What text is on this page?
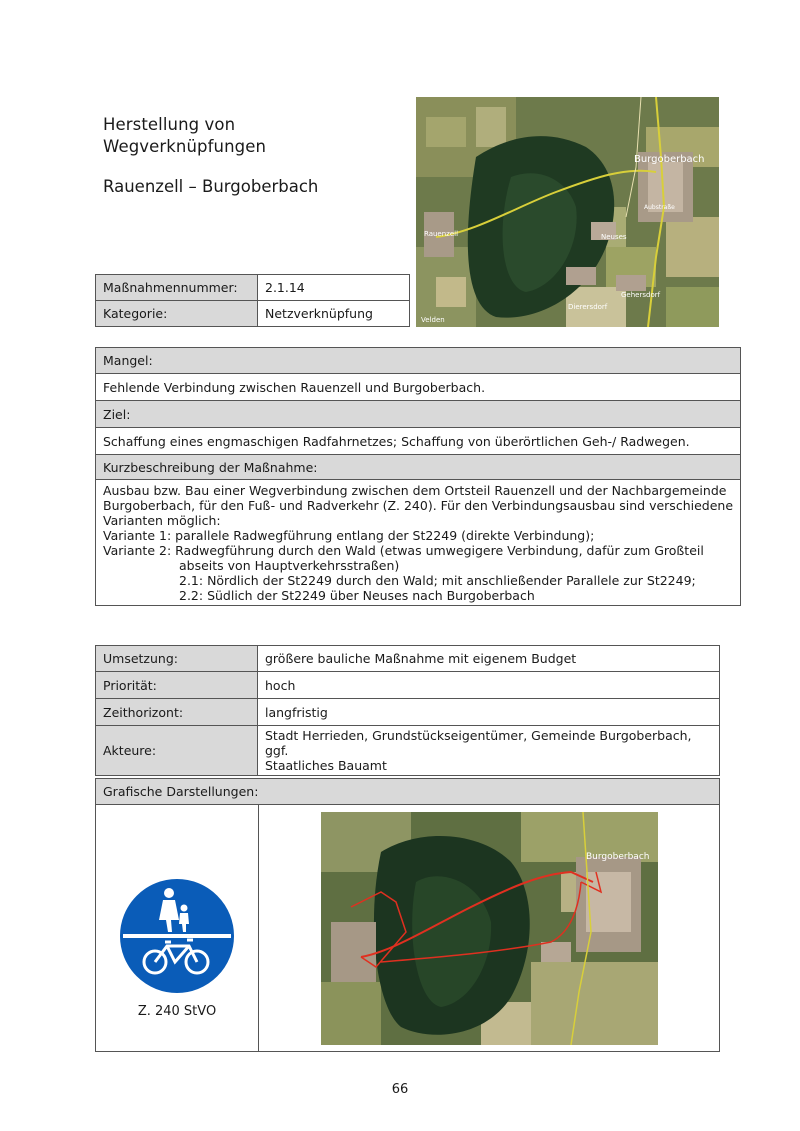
Herstellung von
Wegverknüpfungen
Rauenzell – Burgoberbach
Burgoberbach
Rauenzell	Neuses
Dierersdorf
Gehersdorf
Velden
Aubstraße
Maßnahmennummer:	2.1.14
Kategorie:	Netzverknüpfung
Mangel:
Fehlende Verbindung zwischen Rauenzell und Burgoberbach.
Ziel:
Schaffung eines engmaschigen Radfahrnetzes; Schaffung von überörtlichen Geh-/ Radwegen.
Kurzbeschreibung der Maßnahme:

Ausbau bzw. Bau einer Wegverbindung zwischen dem Ortsteil Rauenzell und der Nachbargemeinde
Burgoberbach, für den Fuß- und Radverkehr (Z. 240). Für den Verbindungsausbau sind verschiedene
Varianten möglich:
Variante 1: parallele Radwegführung entlang der St2249 (direkte Verbindung);
Variante 2: Radwegführung durch den Wald (etwas umwegigere Verbindung, dafür zum Großteil
abseits von Hauptverkehrsstraßen)
2.1: Nördlich der St2249 durch den Wald; mit anschließender Parallele zur St2249;
2.2: Südlich der St2249 über Neuses nach Burgoberbach
Umsetzung:	größere bauliche Maßnahme mit eigenem Budget
Priorität:	hoch
Zeithorizont:	langfristig
Akteure:	Stadt Herrieden, Grundstückseigentümer, Gemeinde Burgoberbach, ggf.
Staatliches Bauamt
Grafische Darstellungen:

Z. 240 StVO

Burgoberbach
66
